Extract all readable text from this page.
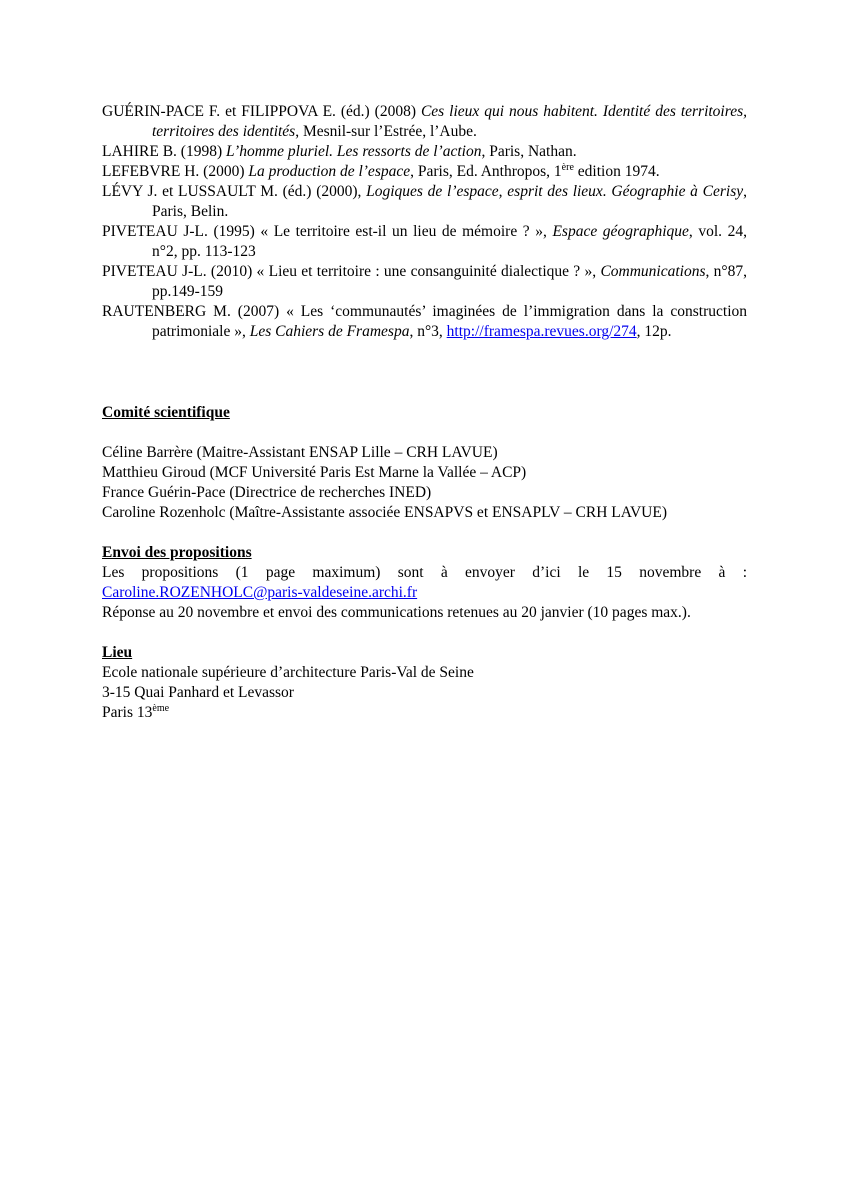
GUÉRIN-PACE F. et FILIPPOVA E. (éd.) (2008) Ces lieux qui nous habitent. Identité des territoires, territoires des identités, Mesnil-sur l’Estrée, l’Aube.

LAHIRE B. (1998) L’homme pluriel. Les ressorts de l’action, Paris, Nathan.

LEFEBVRE H. (2000) La production de l’espace, Paris, Ed. Anthropos, 1ère edition 1974.

LÉVY J. et LUSSAULT M. (éd.) (2000), Logiques de l’espace, esprit des lieux. Géographie à Cerisy, Paris, Belin.

PIVETEAU J-L. (1995) « Le territoire est-il un lieu de mémoire ? », Espace géographique, vol. 24, n°2, pp. 113-123

PIVETEAU J-L. (2010) « Lieu et territoire : une consanguinité dialectique ? », Communications, n°87, pp.149-159

RAUTENBERG M. (2007) « Les ‘communautés’ imaginées de l’immigration dans la construction patrimoniale », Les Cahiers de Framespa, n°3, http://framespa.revues.org/274, 12p.

Comité scientifique

Céline Barrère (Maitre-Assistant ENSAP Lille – CRH LAVUE)

Matthieu Giroud (MCF Université Paris Est Marne la Vallée – ACP)

France Guérin-Pace (Directrice de recherches INED)

Caroline Rozenholc (Maître-Assistante associée ENSAPVS et ENSAPLV – CRH LAVUE)

Envoi des propositions

Les propositions (1 page maximum) sont à envoyer d’ici le 15 novembre à :

Caroline.ROZENHOLC@paris-valdeseine.archi.fr

Réponse au 20 novembre et envoi des communications retenues au 20 janvier (10 pages max.).

Lieu

Ecole nationale supérieure d’architecture Paris-Val de Seine

3-15 Quai Panhard et Levassor

Paris 13ème
